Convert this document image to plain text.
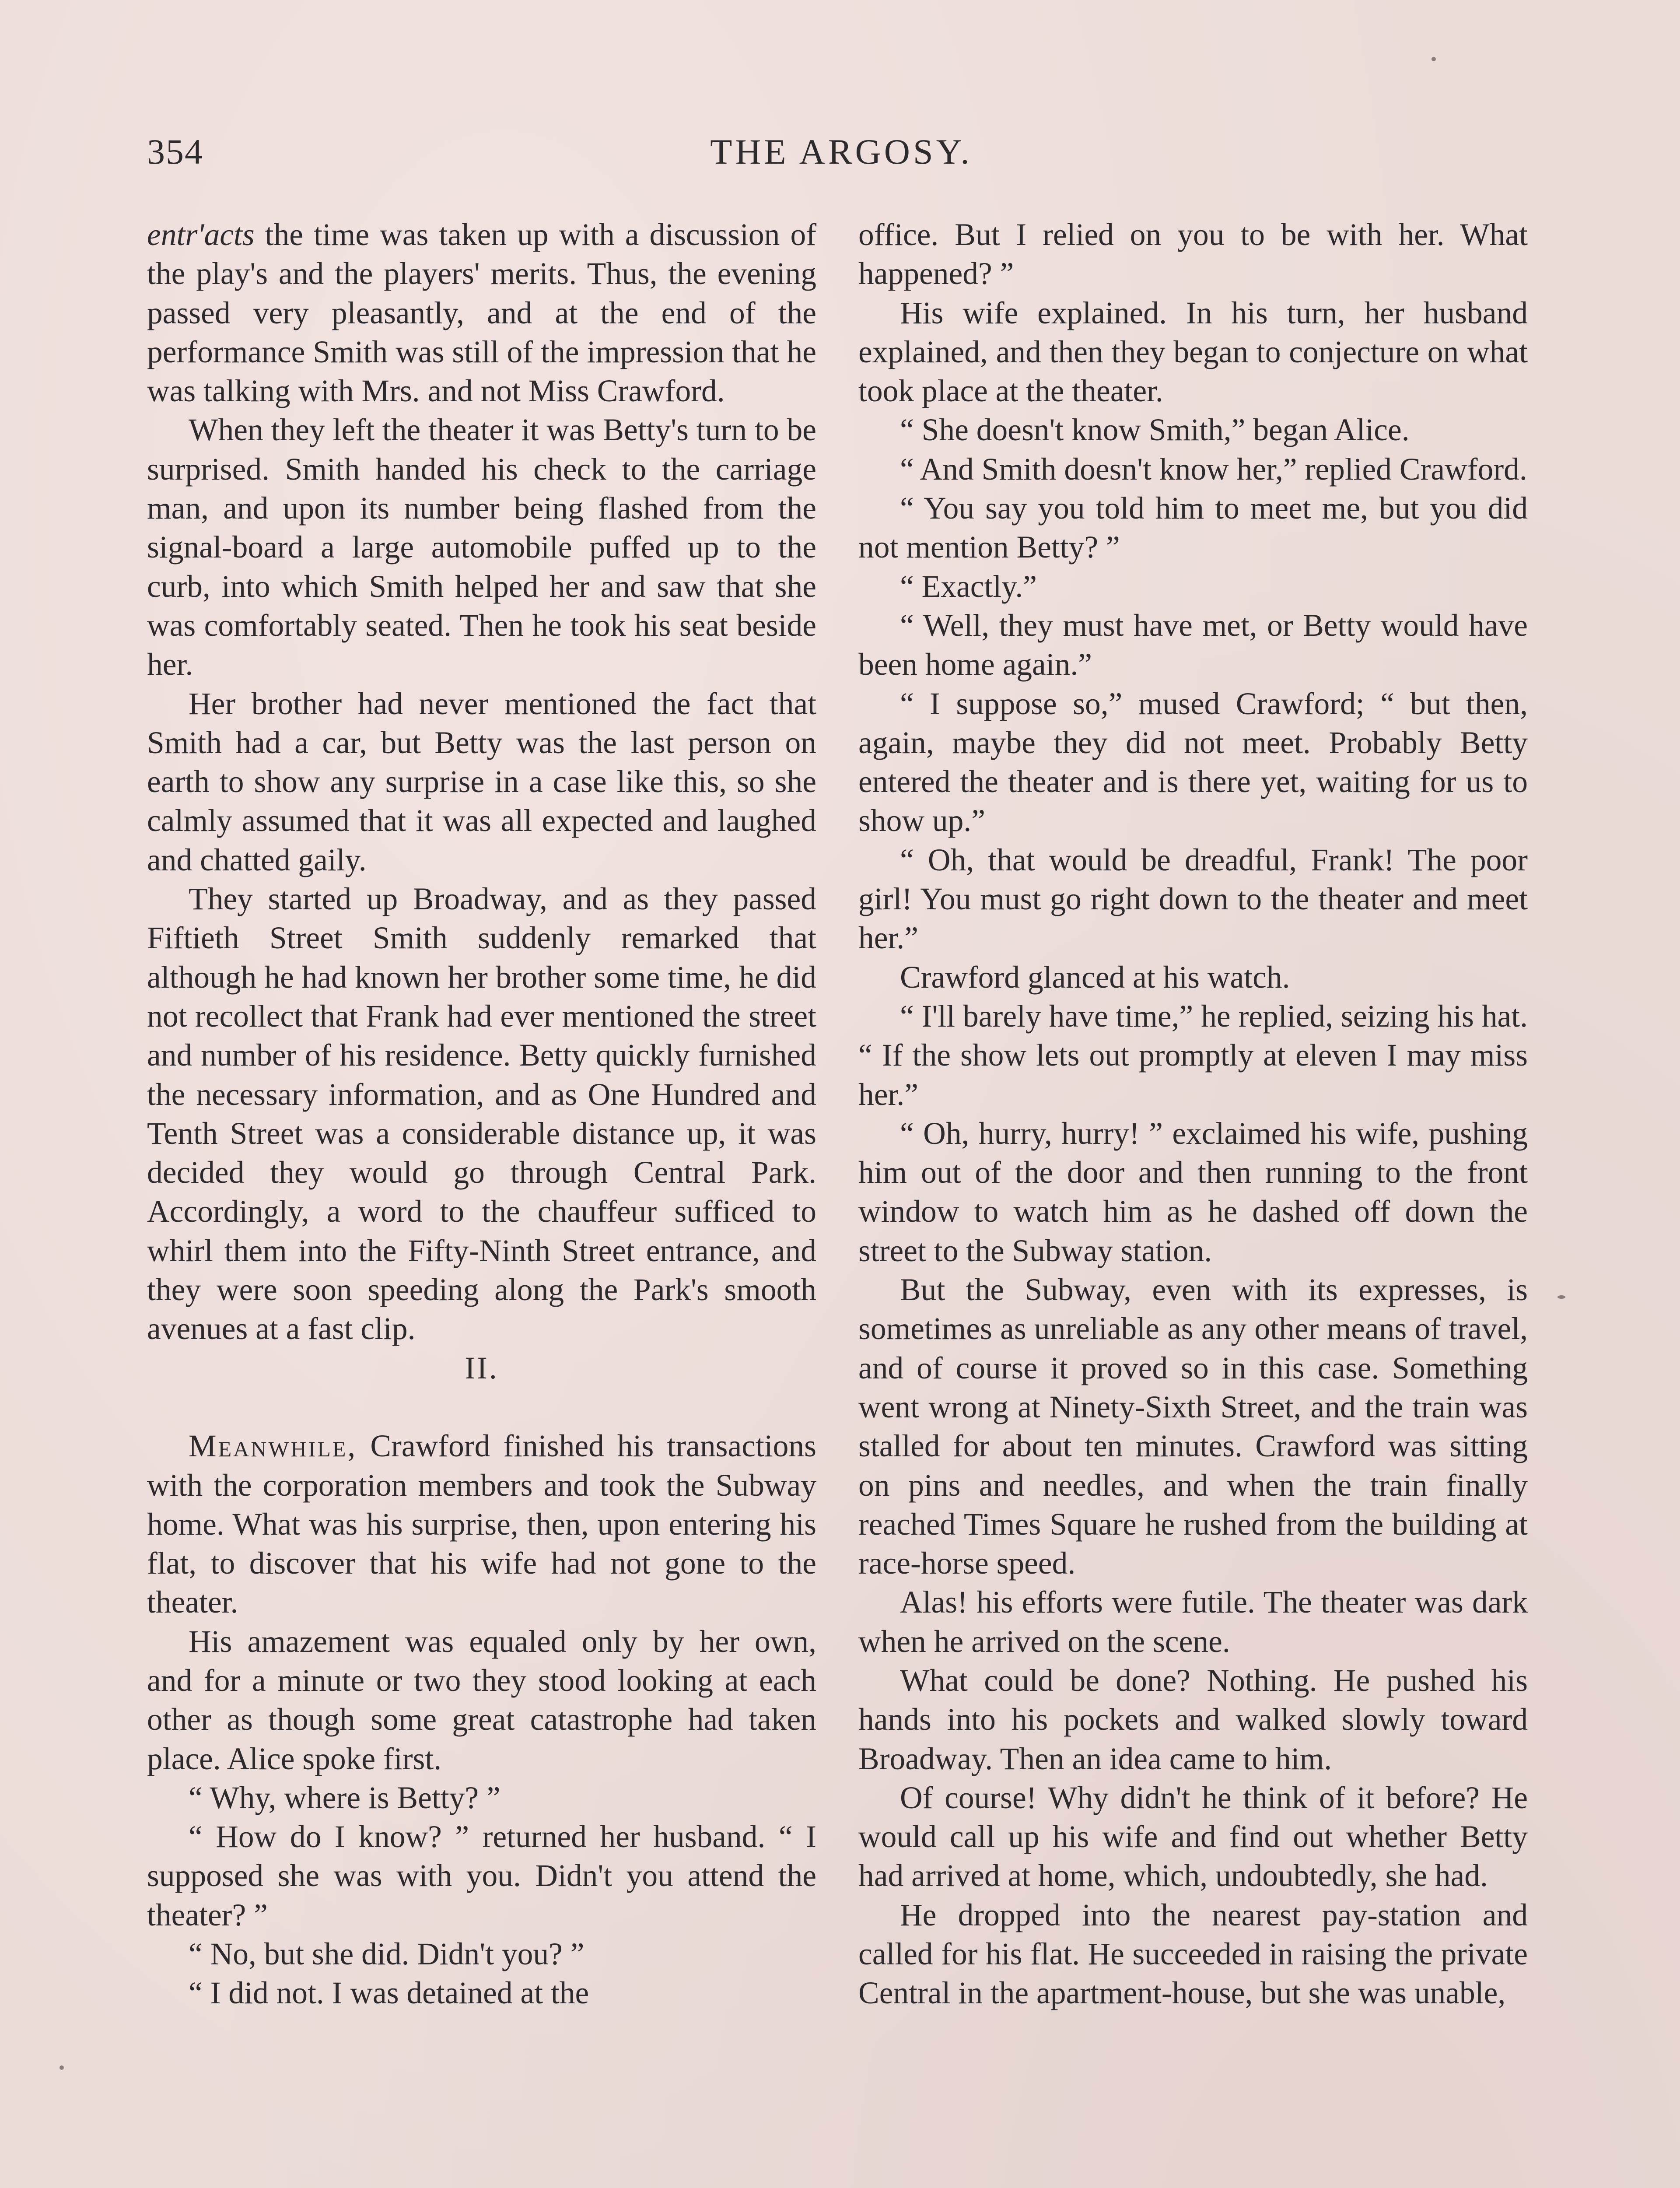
354	THE ARGOSY.

entr'acts the time was taken up with a discussion of the play's and the players' merits. Thus, the evening passed very pleasantly, and at the end of the performance Smith was still of the impression that he was talking with Mrs. and not Miss Crawford.

When they left the theater it was Betty's turn to be surprised. Smith handed his check to the carriage man, and upon its number being flashed from the signal-board a large automobile puffed up to the curb, into which Smith helped her and saw that she was comfortably seated. Then he took his seat beside her.

Her brother had never mentioned the fact that Smith had a car, but Betty was the last person on earth to show any surprise in a case like this, so she calmly assumed that it was all expected and laughed and chatted gaily.

They started up Broadway, and as they passed Fiftieth Street Smith suddenly remarked that although he had known her brother some time, he did not recollect that Frank had ever mentioned the street and number of his residence. Betty quickly furnished the necessary information, and as One Hundred and Tenth Street was a considerable distance up, it was decided they would go through Central Park. Accordingly, a word to the chauffeur sufficed to whirl them into the Fifty-Ninth Street entrance, and they were soon speeding along the Park's smooth avenues at a fast clip.

II.

Meanwhile, Crawford finished his transactions with the corporation members and took the Subway home. What was his surprise, then, upon entering his flat, to discover that his wife had not gone to the theater.

His amazement was equaled only by her own, and for a minute or two they stood looking at each other as though some great catastrophe had taken place. Alice spoke first.

“ Why, where is Betty? ”

“ How do I know? ” returned her husband. “ I supposed she was with you. Didn't you attend the theater? ”

“ No, but she did. Didn't you? ”

“ I did not. I was detained at the

office. But I relied on you to be with her. What happened? ”

His wife explained. In his turn, her husband explained, and then they began to conjecture on what took place at the theater.

“ She doesn't know Smith,” began Alice.

“ And Smith doesn't know her,” replied Crawford.

“ You say you told him to meet me, but you did not mention Betty? ”

“ Exactly.”

“ Well, they must have met, or Betty would have been home again.”

“ I suppose so,” mused Crawford; “ but then, again, maybe they did not meet. Probably Betty entered the theater and is there yet, waiting for us to show up.”

“ Oh, that would be dreadful, Frank! The poor girl! You must go right down to the theater and meet her.”

Crawford glanced at his watch.

“ I'll barely have time,” he replied, seizing his hat. “ If the show lets out promptly at eleven I may miss her.”

“ Oh, hurry, hurry! ” exclaimed his wife, pushing him out of the door and then running to the front window to watch him as he dashed off down the street to the Subway station.

But the Subway, even with its expresses, is sometimes as unreliable as any other means of travel, and of course it proved so in this case. Something went wrong at Ninety-Sixth Street, and the train was stalled for about ten minutes. Crawford was sitting on pins and needles, and when the train finally reached Times Square he rushed from the building at race-horse speed.

Alas! his efforts were futile. The theater was dark when he arrived on the scene.

What could be done? Nothing. He pushed his hands into his pockets and walked slowly toward Broadway. Then an idea came to him.

Of course! Why didn't he think of it before? He would call up his wife and find out whether Betty had arrived at home, which, undoubtedly, she had.

He dropped into the nearest pay-station and called for his flat. He succeeded in raising the private Central in the apartment-house, but she was unable,
